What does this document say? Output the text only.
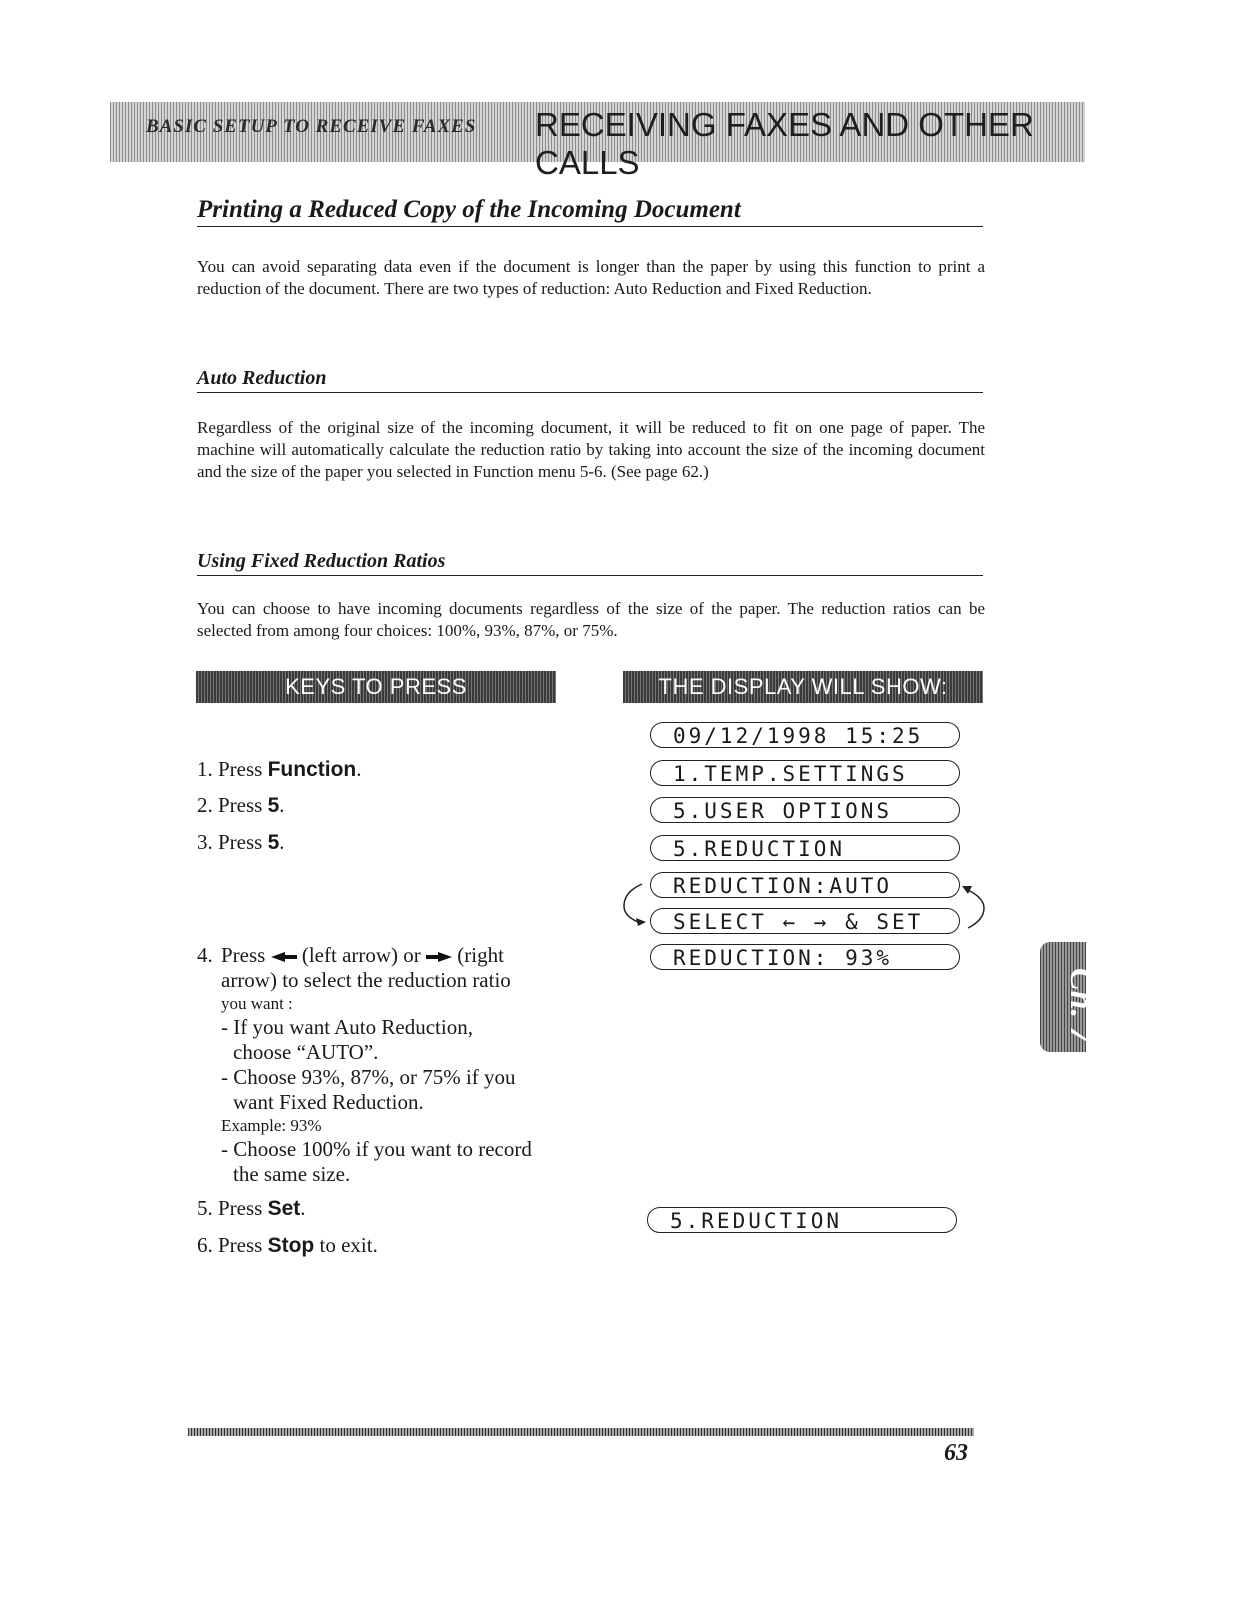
BASIC SETUP TO RECEIVE FAXES RECEIVING FAXES AND OTHER CALLS
Printing a Reduced Copy of the Incoming Document

You can avoid separating data even if the document is longer than the paper by using this function to print a reduction of the document. There are two types of reduction: Auto Reduction and Fixed Reduction.

Auto Reduction

Regardless of the original size of the incoming document, it will be reduced to fit on one page of paper. The machine will automatically calculate the reduction ratio by taking into account the size of the incoming document and the size of the paper you selected in Function menu 5-6. (See page 62.)

Using Fixed Reduction Ratios

You can choose to have incoming documents regardless of the size of the paper. The reduction ratios can be selected from among four choices: 100%, 93%, 87%, or 75%.

KEYS TO PRESS	THE DISPLAY WILL SHOW:

1. Press Function.

2. Press 5.

3. Press 5.

4. Press (left arrow) or (right
arrow) to select the reduction ratio
you want :
- If you want Auto Reduction,
choose “AUTO”.
- Choose 93%, 87%, or 75% if you
want Fixed Reduction.
Example: 93%
- Choose 100% if you want to record
the same size.

5. Press Set.

6. Press Stop to exit.

09/12/1998 15:25
1.TEMP.SETTINGS
5.USER OPTIONS
5.REDUCTION
REDUCTION:AUTO
SELECT ← → & SET
REDUCTION: 93%
5.REDUCTION
Ch. 7
63
